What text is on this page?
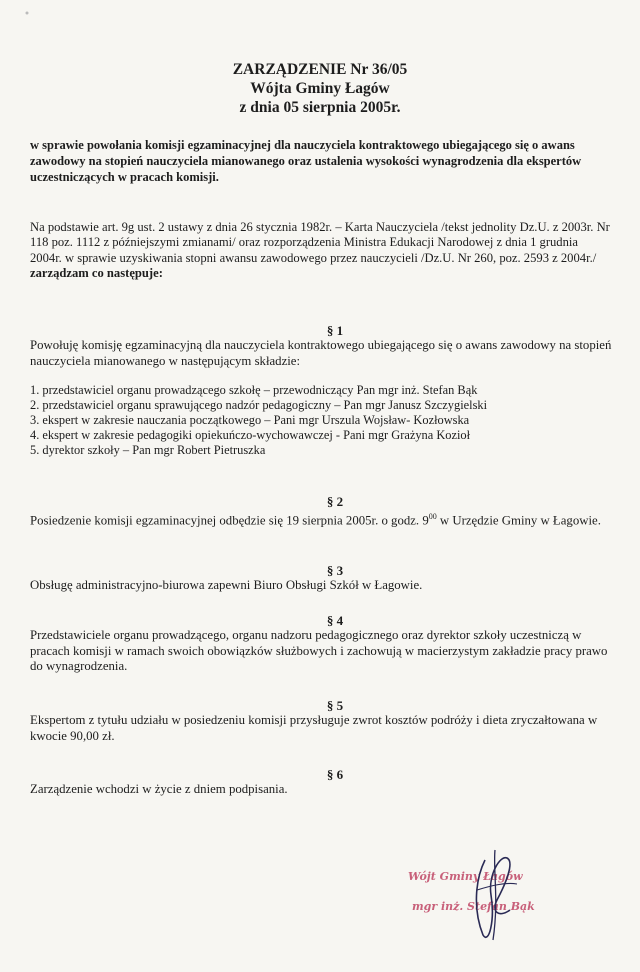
ZARZĄDZENIE Nr 36/05
Wójta Gminy Łagów
z dnia 05 sierpnia 2005r.
w sprawie powołania komisji egzaminacyjnej dla nauczyciela kontraktowego ubiegającego się o awans zawodowy na stopień nauczyciela mianowanego oraz ustalenia wysokości wynagrodzenia dla ekspertów uczestniczących w pracach komisji.
Na podstawie art. 9g ust. 2 ustawy z dnia 26 stycznia 1982r. – Karta Nauczyciela /tekst jednolity Dz.U. z 2003r. Nr 118 poz. 1112 z późniejszymi zmianami/ oraz rozporządzenia Ministra Edukacji Narodowej z dnia 1 grudnia 2004r. w sprawie uzyskiwania stopni awansu zawodowego przez nauczycieli /Dz.U. Nr 260, poz. 2593 z 2004r./
zarządzam co następuje:
§ 1
Powołuję komisję egzaminacyjną dla nauczyciela kontraktowego ubiegającego się o awans zawodowy na stopień nauczyciela mianowanego w następującym składzie:
1. przedstawiciel organu prowadzącego szkołę – przewodniczący Pan mgr inż. Stefan Bąk
2. przedstawiciel organu sprawującego nadzór pedagogiczny – Pan mgr Janusz Szczygielski
3. ekspert w zakresie nauczania początkowego – Pani mgr Urszula Wojsław- Kozłowska
4. ekspert w zakresie pedagogiki opiekuńczo-wychowawczej - Pani mgr Grażyna Kozioł
5. dyrektor szkoły – Pan mgr Robert Pietruszka
§ 2
Posiedzenie komisji egzaminacyjnej odbędzie się 19 sierpnia 2005r. o godz. $9^{00}$ w Urzędzie Gminy w Łagowie.
§ 3
Obsługę administracyjno-biurowa zapewni Biuro Obsługi Szkół w Łagowie.
§ 4
Przedstawiciele organu prowadzącego, organu nadzoru pedagogicznego oraz dyrektor szkoły uczestniczą w pracach komisji w ramach swoich obowiązków służbowych i zachowują w macierzystym zakładzie pracy prawo do wynagrodzenia.
§ 5
Ekspertom z tytułu udziału w posiedzeniu komisji przysługuje zwrot kosztów podróży i dieta zryczałtowana w kwocie 90,00 zł.
§ 6
Zarządzenie wchodzi w życie z dniem podpisania.
Wójt Gminy Łagów
mgr inż. Stefan Bąk
